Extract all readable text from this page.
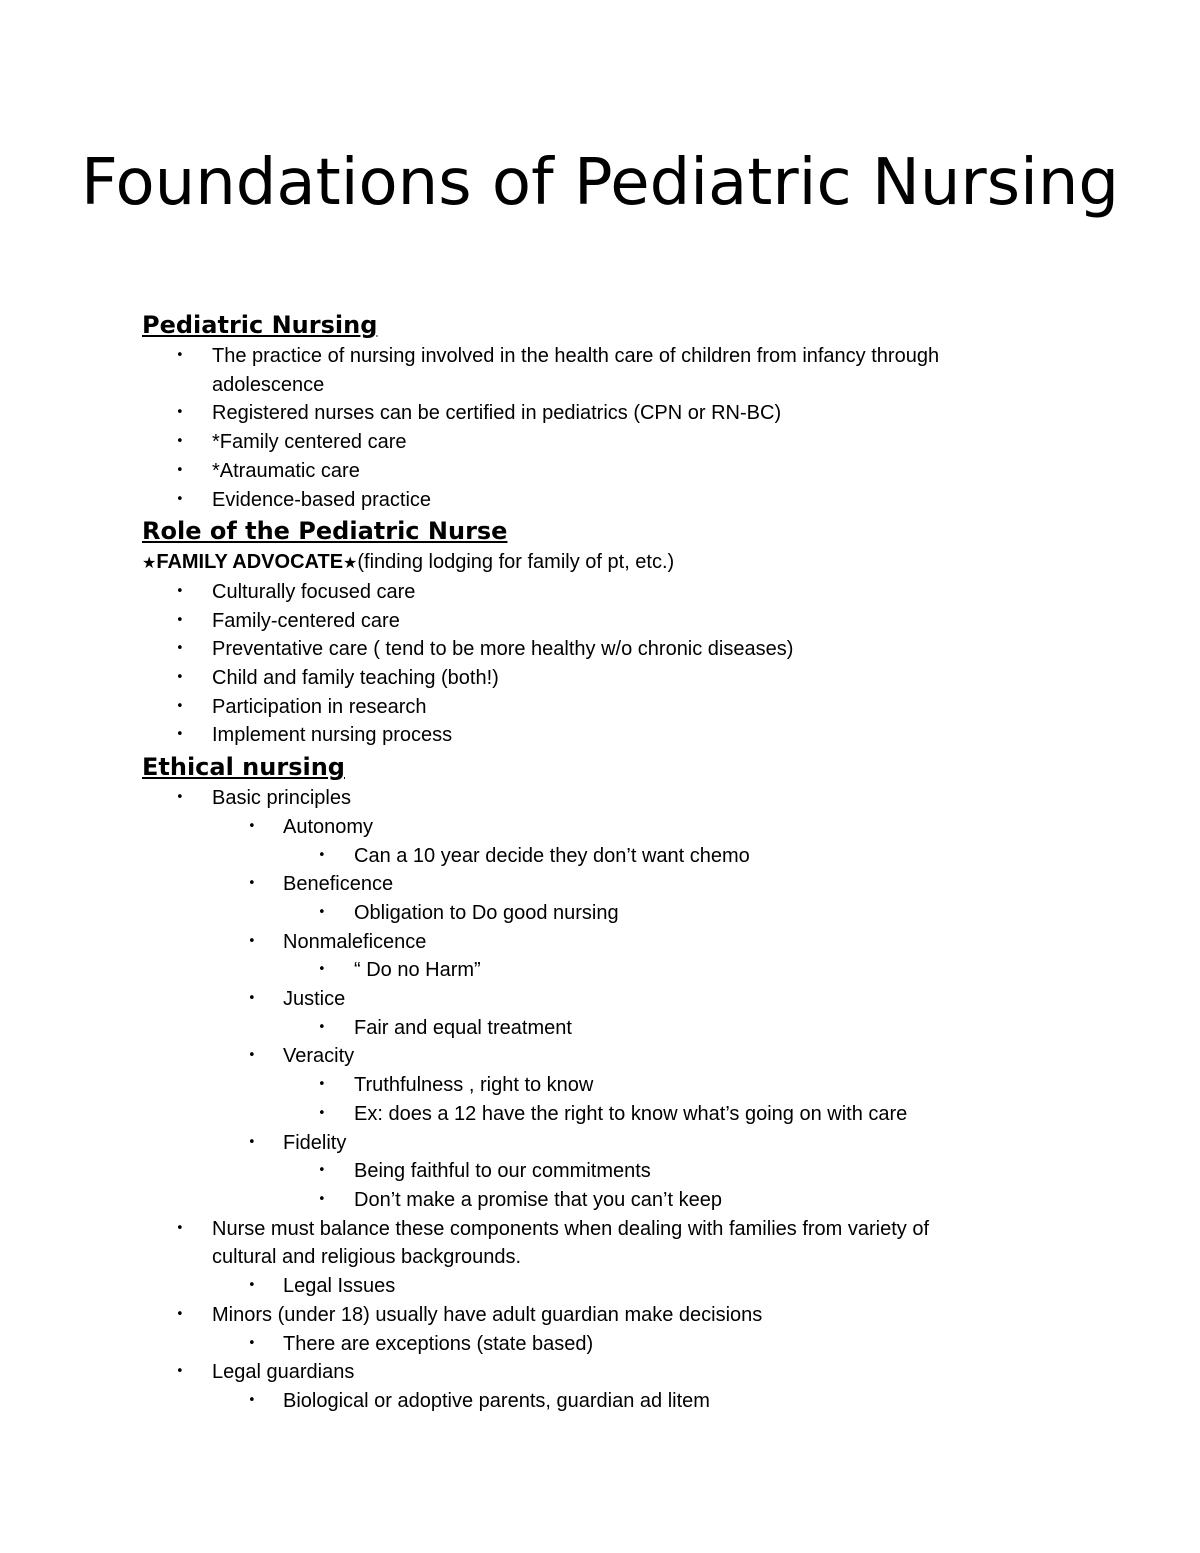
Foundations of Pediatric Nursing
Pediatric Nursing
• The practice of nursing involved in the health care of children from infancy through
adolescence
• Registered nurses can be certified in pediatrics (CPN or RN-BC)
• *Family centered care
• *Atraumatic care
• Evidence-based practice
Role of the Pediatric Nurse
★FAMILY ADVOCATE★(finding lodging for family of pt, etc.)
• Culturally focused care
• Family-centered care
• Preventative care ( tend to be more healthy w/o chronic diseases)
• Child and family teaching (both!)
• Participation in research
• Implement nursing process
Ethical nursing
• Basic principles
• Autonomy
• Can a 10 year decide they don’t want chemo
• Beneficence
• Obligation to Do good nursing
• Nonmaleficence
• “ Do no Harm”
• Justice
• Fair and equal treatment
• Veracity
• Truthfulness , right to know
• Ex: does a 12 have the right to know what’s going on with care
• Fidelity
• Being faithful to our commitments
• Don’t make a promise that you can’t keep
• Nurse must balance these components when dealing with families from variety of
cultural and religious backgrounds.
• Legal Issues
• Minors (under 18) usually have adult guardian make decisions
• There are exceptions (state based)
• Legal guardians
• Biological or adoptive parents, guardian ad litem
